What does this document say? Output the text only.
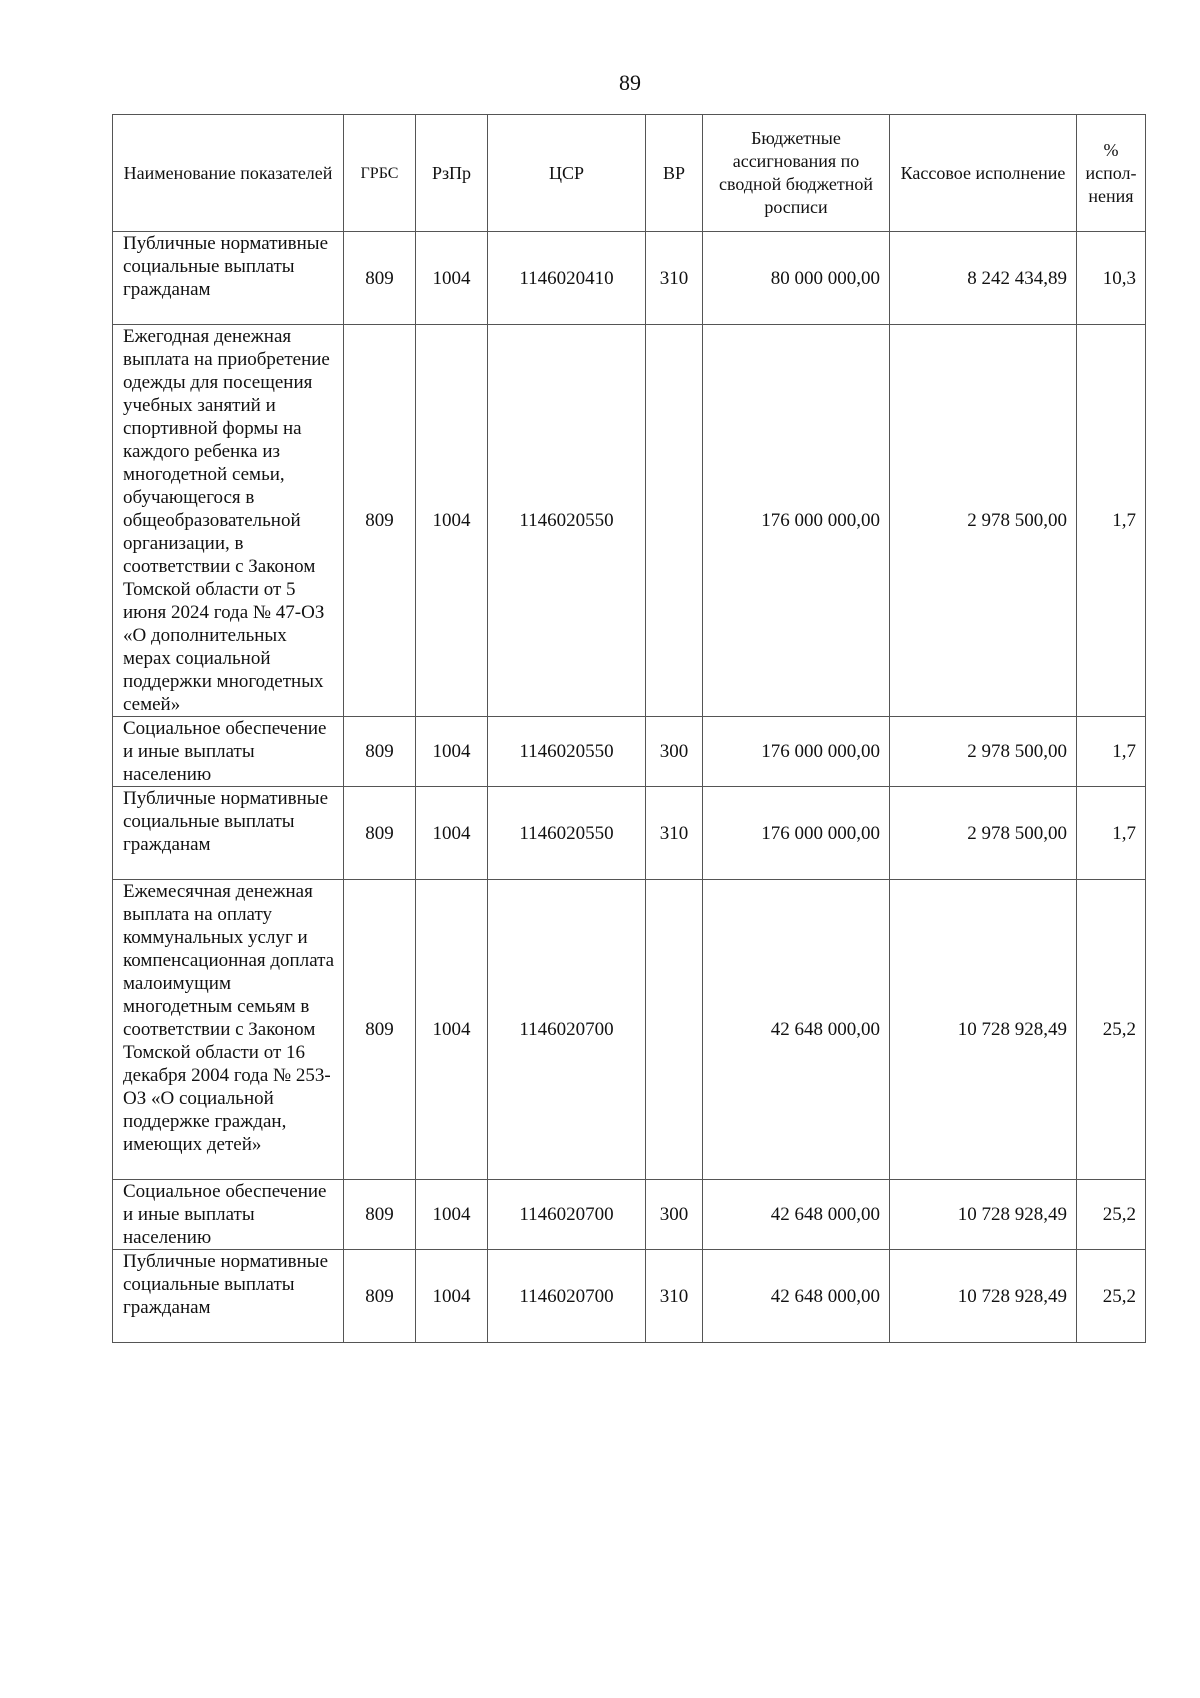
89
Наименование показателей	ГРБС	РзПр	ЦСР	ВР	Бюджетные ассигнования по сводной бюджетной росписи	Кассовое исполнение	% испол-нения
Публичные нормативные социальные выплаты гражданам	809	1004	1146020410	310	80 000 000,00	8 242 434,89	10,3
Ежегодная денежная выплата на приобретение одежды для посещения учебных занятий и спортивной формы на каждого ребенка из многодетной семьи, обучающегося в общеобразовательной организации, в соответствии с Законом Томской области от 5 июня 2024 года № 47-ОЗ «О дополнительных мерах социальной поддержки многодетных семей»	809	1004	1146020550		176 000 000,00	2 978 500,00	1,7
Социальное обеспечение и иные выплаты населению	809	1004	1146020550	300	176 000 000,00	2 978 500,00	1,7
Публичные нормативные социальные выплаты гражданам	809	1004	1146020550	310	176 000 000,00	2 978 500,00	1,7
Ежемесячная денежная выплата на оплату коммунальных услуг и компенсационная доплата малоимущим многодетным семьям в соответствии с Законом Томской области от 16 декабря 2004 года № 253-ОЗ «О социальной поддержке граждан, имеющих детей»	809	1004	1146020700		42 648 000,00	10 728 928,49	25,2
Социальное обеспечение и иные выплаты населению	809	1004	1146020700	300	42 648 000,00	10 728 928,49	25,2
Публичные нормативные социальные выплаты гражданам	809	1004	1146020700	310	42 648 000,00	10 728 928,49	25,2
